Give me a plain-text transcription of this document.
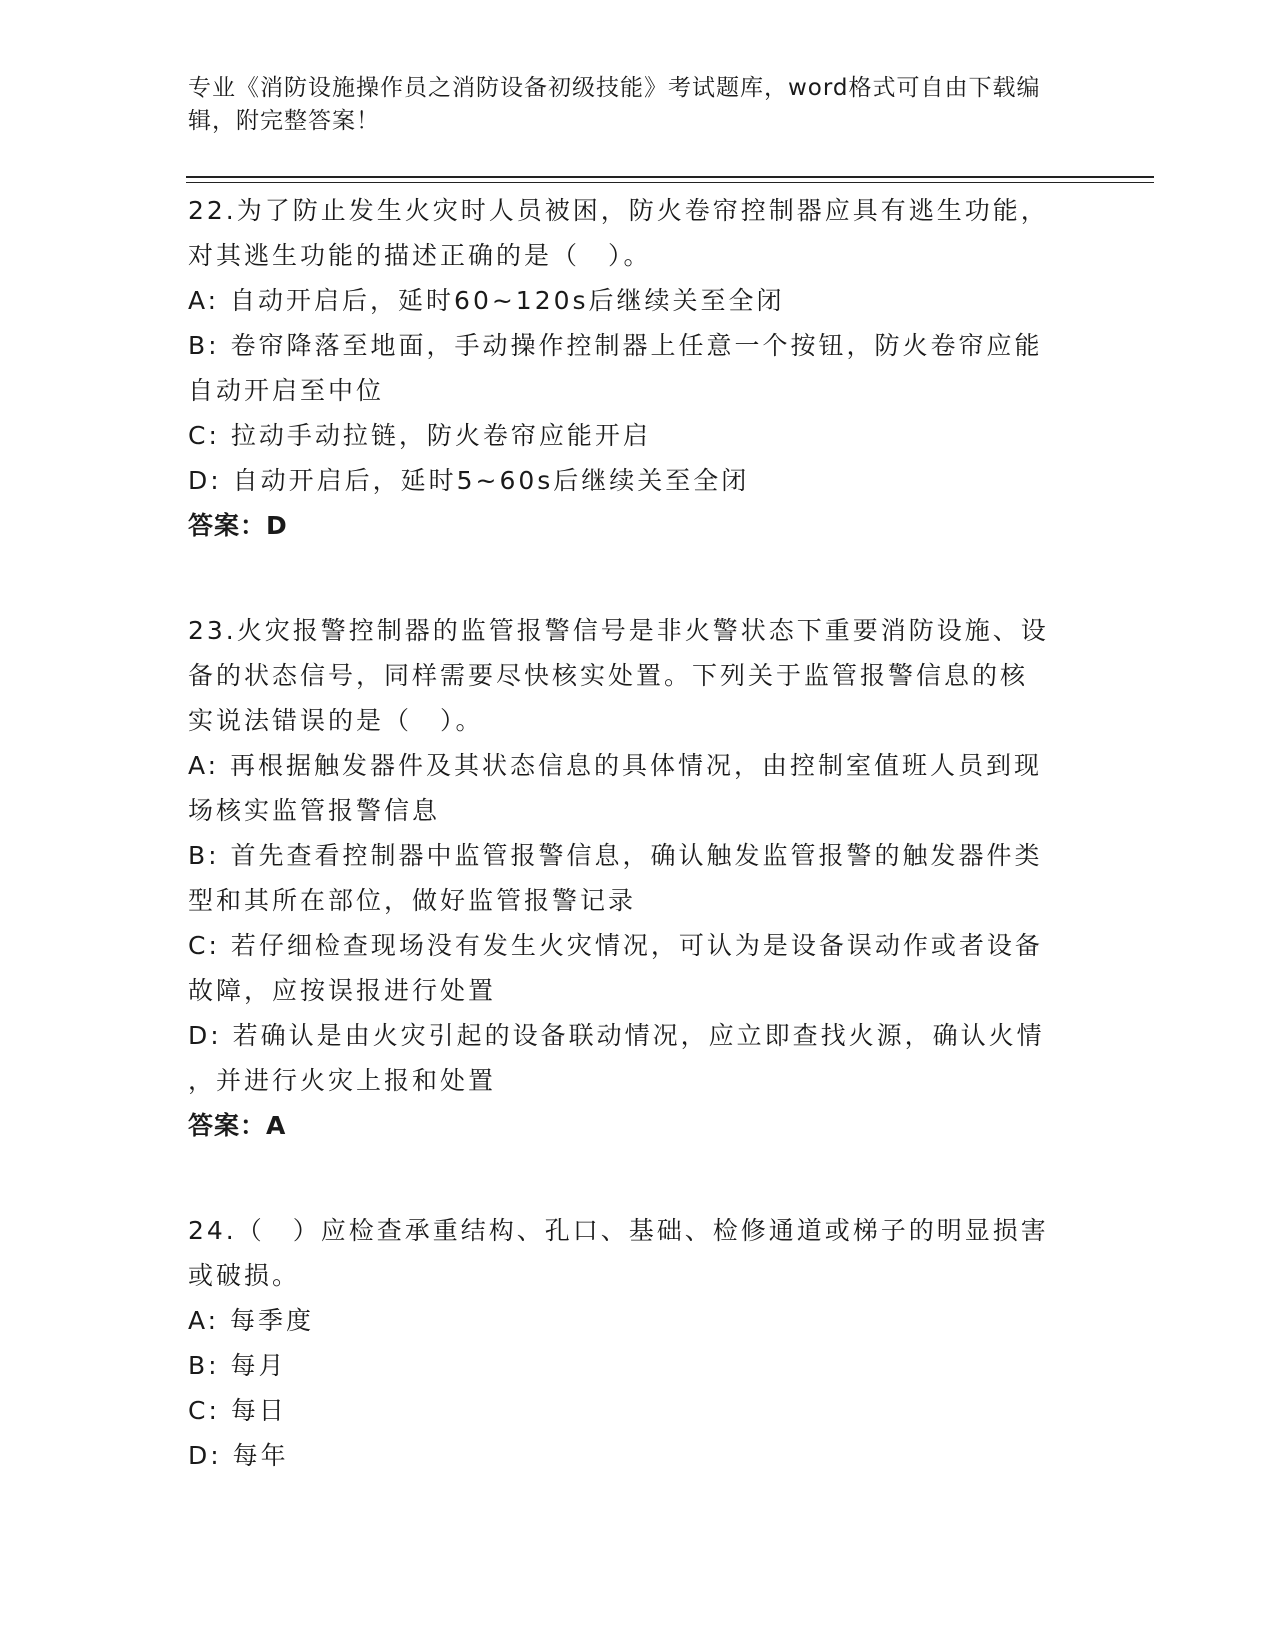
专业《消防设施操作员之消防设备初级技能》考试题库，word格式可自由下载编
辑，附完整答案！
22.为了防止发生火灾时人员被困，防火卷帘控制器应具有逃生功能，
对其逃生功能的描述正确的是（　）。
A: 自动开启后，延时60~120s后继续关至全闭
B: 卷帘降落至地面，手动操作控制器上任意一个按钮，防火卷帘应能
自动开启至中位
C: 拉动手动拉链，防火卷帘应能开启
D: 自动开启后，延时5~60s后继续关至全闭
答案：D
23.火灾报警控制器的监管报警信号是非火警状态下重要消防设施、设
备的状态信号，同样需要尽快核实处置。下列关于监管报警信息的核
实说法错误的是（　）。
A: 再根据触发器件及其状态信息的具体情况，由控制室值班人员到现
场核实监管报警信息
B: 首先查看控制器中监管报警信息，确认触发监管报警的触发器件类
型和其所在部位，做好监管报警记录
C: 若仔细检查现场没有发生火灾情况，可认为是设备误动作或者设备
故障，应按误报进行处置
D: 若确认是由火灾引起的设备联动情况，应立即查找火源，确认火情
，并进行火灾上报和处置
答案：A
24.（　）应检查承重结构、孔口、基础、检修通道或梯子的明显损害
或破损。
A: 每季度
B: 每月
C: 每日
D: 每年
